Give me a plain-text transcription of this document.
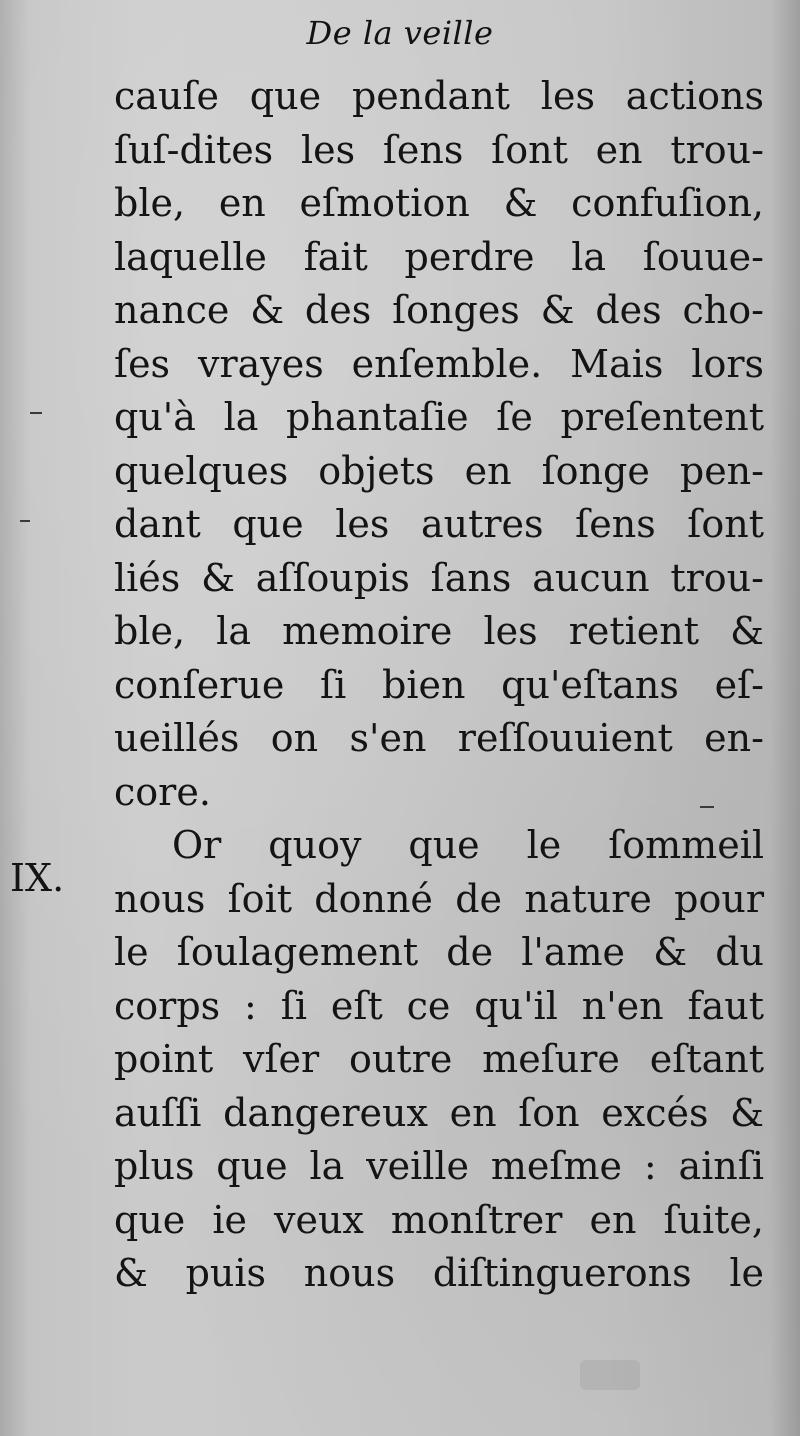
De la veille
IX.
cauſe que pendant les actions
ſuſ-dites les ſens ſont en trou-
ble, en eſmotion & confuſion,
laquelle fait perdre la ſouue-
nance & des ſonges & des cho-
ſes vrayes enſemble. Mais lors
qu'à la phantaſie ſe preſentent
quelques objets en ſonge pen-
dant que les autres ſens ſont
liés & aſſoupis ſans aucun trou-
ble, la memoire les retient &
conſerue ſi bien qu'eſtans eſ-
ueillés on s'en reſſouuient en-
core.
Or quoy que le ſommeil
nous ſoit donné de nature pour
le ſoulagement de l'ame & du
corps : ſi eſt ce qu'il n'en faut
point vſer outre meſure eſtant
auſſi dangereux en ſon excés &
plus que la veille meſme : ainſi
que ie veux monſtrer en ſuite,
& puis nous diſtinguerons le
